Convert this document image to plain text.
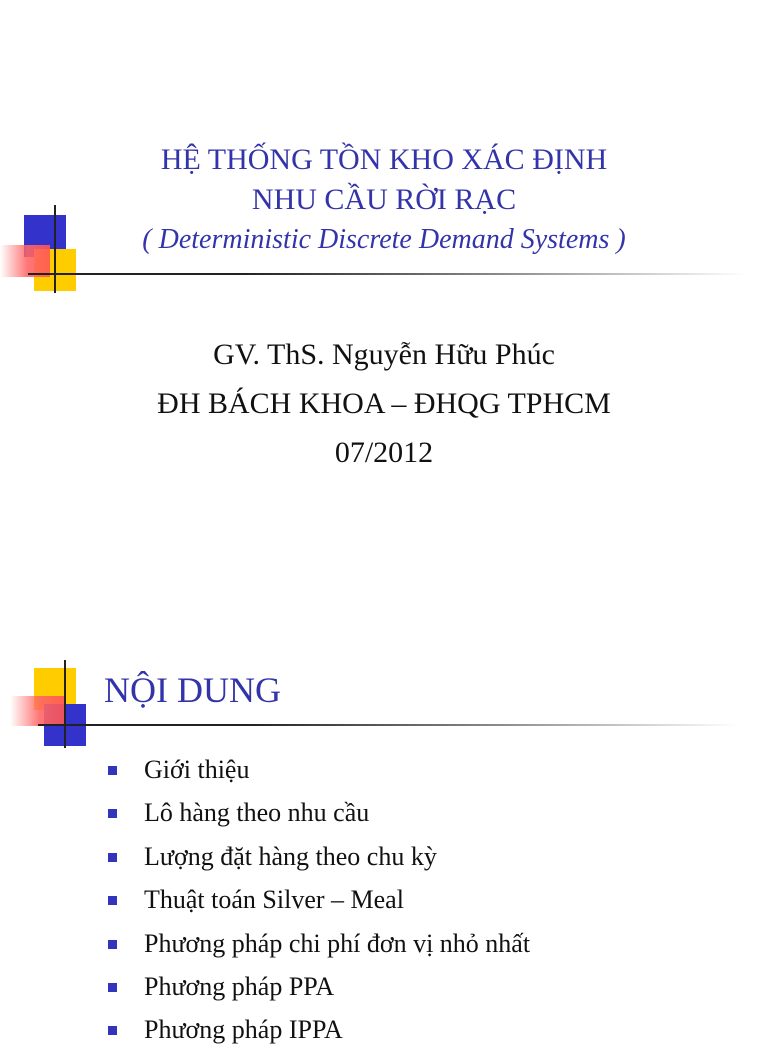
HỆ THỐNG TỒN KHO XÁC ĐỊNH
NHU CẦU RỜI RẠC
( Deterministic Discrete Demand Systems )
GV. ThS. Nguyễn Hữu Phúc
ĐH BÁCH KHOA – ĐHQG TPHCM
07/2012
NỘI DUNG
Giới thiệu
Lô hàng theo nhu cầu
Lượng đặt hàng theo chu kỳ
Thuật toán Silver – Meal
Phương pháp chi phí đơn vị nhỏ nhất
Phương pháp PPA
Phương pháp IPPA
